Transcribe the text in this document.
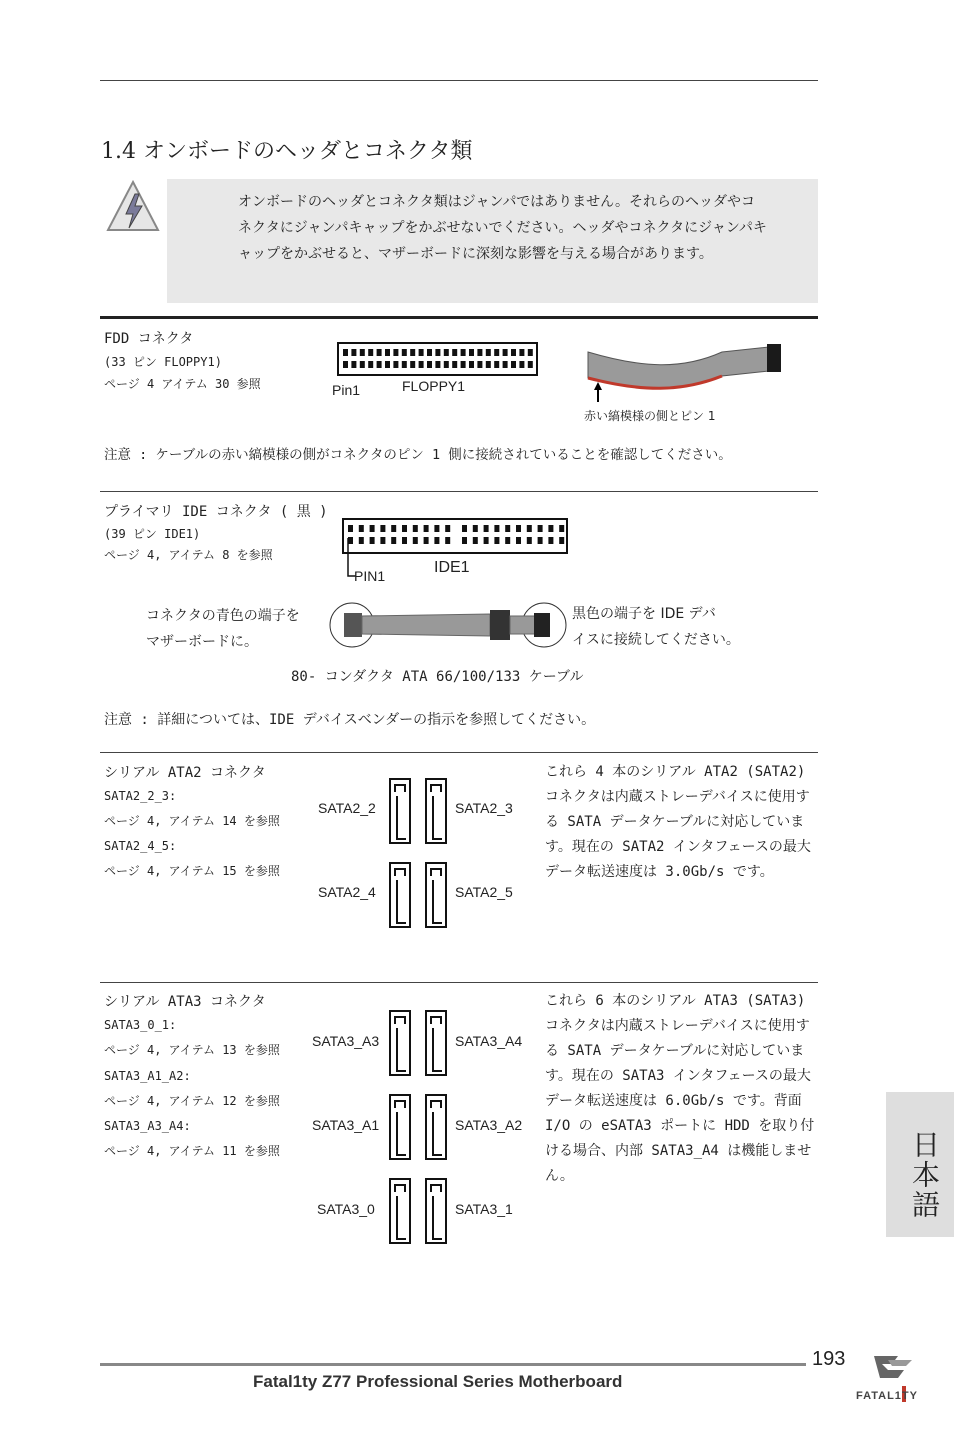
1.4 オンボードのヘッダとコネクタ類
オンボードのヘッダとコネクタ類はジャンパではありません。それらのヘッダやコネクタにジャンパキャップをかぶせないでください。ヘッダやコネクタにジャンパキャップをかぶせると、マザーボードに深刻な影響を与える場合があります。
FDD コネクタ
(33 ピン FLOPPY1)
ページ 4 アイテム 30 参照	Pin1	FLOPPY1
赤い縞模様の側とピン 1
注意 : ケーブルの赤い縞模様の側がコネクタのピン 1 側に接続されていることを確認してください。
プライマリ IDE コネクタ ( 黒 )
(39 ピン IDE1)
ページ 4, アイテム 8 を参照
PIN1	IDE1
コネクタの青色の端子を
マザーボードに。
黒色の端子を IDE デバ
イスに接続してください。
80- コンダクタ ATA 66/100/133 ケーブル
注意 : 詳細については、IDE デバイスベンダーの指示を参照してください。
シリアル ATA2 コネクタ
SATA2_2_3:
ページ 4, アイテム 14 を参照
SATA2_4_5:
ページ 4, アイテム 15 を参照
SATA2_2	SATA2_3
SATA2_4	SATA2_5
これら 4 本のシリアル ATA2 (SATA2) コネクタは内蔵ストレーデバイスに使用する SATA データケーブルに対応しています。現在の SATA2 インタフェースの最大データ転送速度は 3.0Gb/s です。
シリアル ATA3 コネクタ
SATA3_0_1:
ページ 4, アイテム 13 を参照
SATA3_A1_A2:
ページ 4, アイテム 12 を参照
SATA3_A3_A4:
ページ 4, アイテム 11 を参照
SATA3_A3	SATA3_A4
SATA3_A1	SATA3_A2
SATA3_0	SATA3_1
これら 6 本のシリアル ATA3 (SATA3) コネクタは内蔵ストレーデバイスに使用する SATA データケーブルに対応しています。現在の SATA3 インタフェースの最大データ転送速度は 6.0Gb/s です。背面 I/O の eSATA3 ポートに HDD を取り付ける場合、内部 SATA3_A4 は機能しません。	日本語
193
Fatal1ty Z77 Professional Series Motherboard
FATAL1TY
